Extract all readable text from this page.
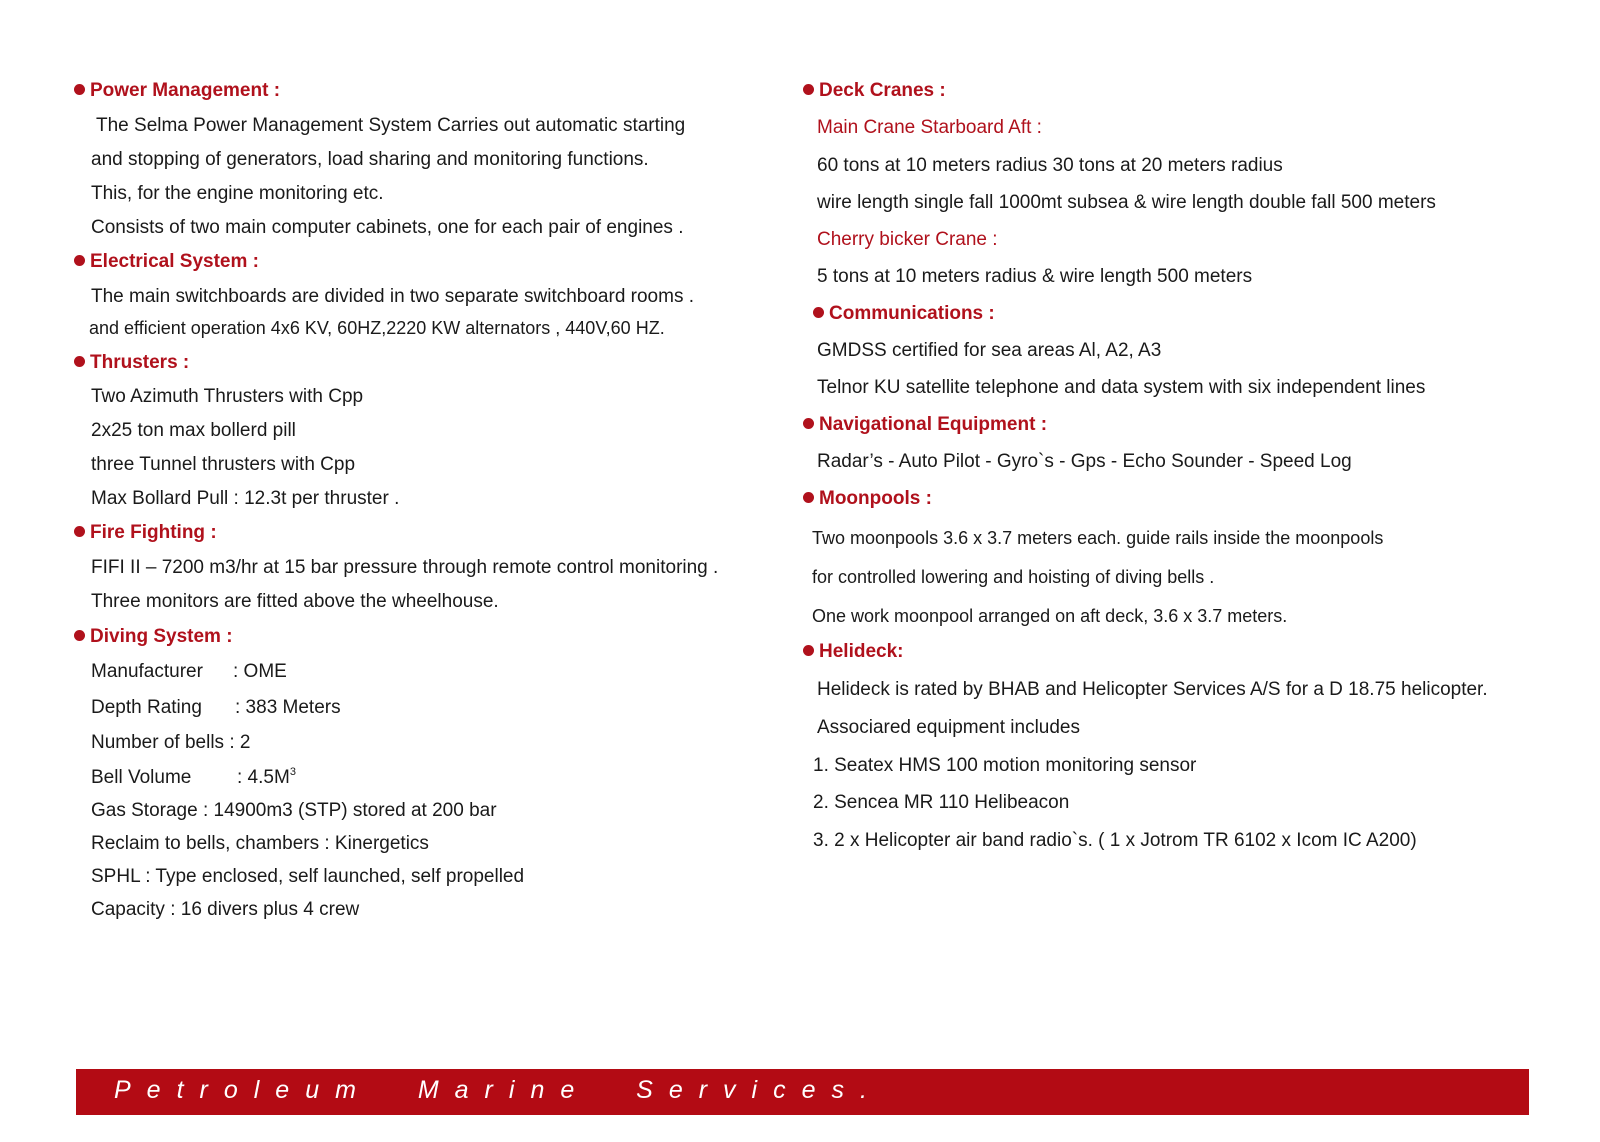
Power Management :
The Selma Power Management System Carries out automatic starting
and stopping of generators, load sharing and monitoring functions.
This, for the engine monitoring etc.
Consists of two main computer cabinets, one for each pair of engines .
Electrical System :
The main switchboards are divided in two separate switchboard rooms .
and efficient operation 4x6 KV, 60HZ,2220 KW alternators , 440V,60 HZ.
Thrusters :
Two Azimuth Thrusters with Cpp
2x25 ton max bollerd pill
three Tunnel thrusters with Cpp
Max Bollard Pull : 12.3t per thruster .
Fire Fighting :
FIFI II – 7200 m3/hr at 15 bar pressure through remote control monitoring .
Three monitors are fitted above the wheelhouse.
Diving System :
Manufacturer : OME
Depth Rating : 383 Meters
Number of bells : 2
Bell Volume : $4.5M^3$
Gas Storage : 14900m3 (STP) stored at 200 bar
Reclaim to bells, chambers : Kinergetics
SPHL : Type enclosed, self launched, self propelled
Capacity : 16 divers plus 4 crew
Deck Cranes :
Main Crane Starboard Aft :
60 tons at 10 meters radius 30 tons at 20 meters radius
wire length single fall 1000mt subsea & wire length double fall 500 meters
Cherry bicker Crane :
5 tons at 10 meters radius & wire length 500 meters
Communications :
GMDSS certified for sea areas Al, A2, A3
Telnor KU satellite telephone and data system with six independent lines
Navigational Equipment :
Radar’s - Auto Pilot - Gyro`s - Gps - Echo Sounder - Speed Log
Moonpools :
Two moonpools 3.6 x 3.7 meters each. guide rails inside the moonpools
for controlled lowering and hoisting of diving bells .
One work moonpool arranged on aft deck, 3.6 x 3.7 meters.
Helideck:
Helideck is rated by BHAB and Helicopter Services A/S for a D 18.75 helicopter.
Associared equipment includes
1. Seatex HMS 100 motion monitoring sensor
2. Sencea MR 110 Helibeacon
3. 2 x Helicopter air band radio`s. ( 1 x Jotrom TR 6102 x Icom IC A200)
Petroleum  Marine  Services.
